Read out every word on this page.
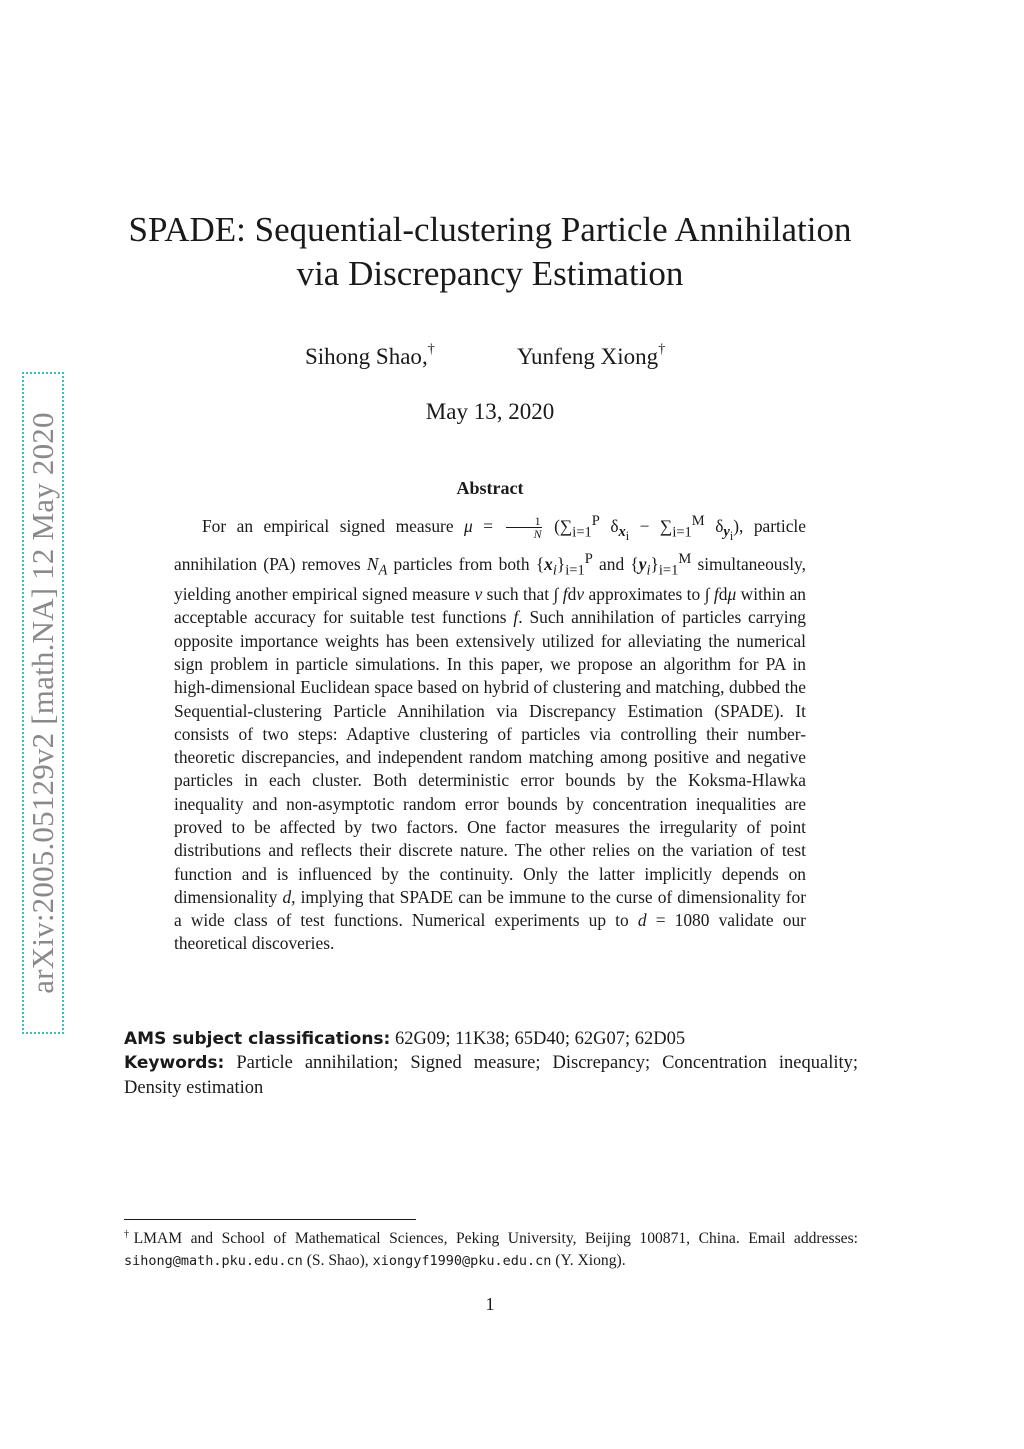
arXiv:2005.05129v2 [math.NA] 12 May 2020
SPADE: Sequential-clustering Particle Annihilation
via Discrepancy Estimation
Sihong Shao,†	Yunfeng Xiong†
May 13, 2020
Abstract

For an empirical signed measure $\mu = \frac{1}{N} (\sum_{i=1}^P$ $\delta_{x_i} - \sum_{i=1}^M$ $\delta_{y_i}$), particle annihilation (PA) removes $N_A$ particles from both $\{x_i\}_{i=1}^P$ and $\{y_i\}_{i=1}^M$ simultaneously, yielding another empirical signed measure ν such that ∫ fdν approximates to ∫ fdμ within an acceptable accuracy for suitable test functions f. Such annihilation of particles carrying opposite importance weights has been extensively utilized for alleviating the numerical sign problem in particle simulations. In this paper, we propose an algorithm for PA in high-dimensional Euclidean space based on hybrid of clustering and matching, dubbed the Sequential-clustering Particle Annihilation via Discrepancy Estimation (SPADE). It consists of two steps: Adaptive clustering of particles via controlling their number-theoretic discrepancies, and independent random matching among positive and negative particles in each cluster. Both deterministic error bounds by the Koksma-Hlawka inequality and non-asymptotic random error bounds by concentration inequalities are proved to be affected by two factors. One factor measures the irregularity of point distributions and reflects their discrete nature. The other relies on the variation of test function and is influenced by the continuity. Only the latter implicitly depends on dimensionality d, implying that SPADE can be immune to the curse of dimensionality for a wide class of test functions. Numerical experiments up to d = 1080 validate our theoretical discoveries.

AMS subject classifications: 62G09; 11K38; 65D40; 62G07; 62D05
Keywords: Particle annihilation; Signed measure; Discrepancy; Concentration inequality; Density estimation
†LMAM and School of Mathematical Sciences, Peking University, Beijing 100871, China. Email addresses: sihong@math.pku.edu.cn (S. Shao), xiongyf1990@pku.edu.cn (Y. Xiong).
1
